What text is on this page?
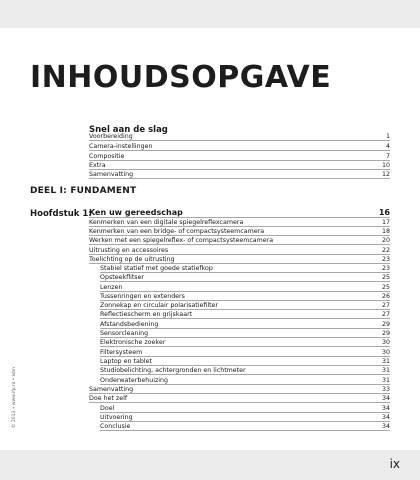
INHOUDSOPGAVE
© 2013 • www.ifp.nl • isbn
Snel aan de slag
Voorbereiding	1
Camera-instellingen	4
Compositie	7
Extra	10
Samenvatting	12
DEEL I: FUNDAMENT
Hoofdstuk 1:
Ken uw gereedschap	16
Kenmerken van een digitale spiegelreflexcamera	17
Kenmerken van een bridge- of compactsysteemcamera	18
Werken met een spiegelreflex- of compactsysteemcamera	20
Uitrusting en accessoires	22
Toelichting op de uitrusting	23
Stabiel statief met goede statiefkop	23
Opsteekflitser	25
Lenzen	25
Tussenringen en extenders	26
Zonnekap en circulair polarisatiefilter	27
Reflectiescherm en grijskaart	27
Afstandsbediening	29
Sensorcleaning	29
Elektronische zoeker	30
Filtersysteem	30
Laptop en tablet	31
Studiobelichting, achtergronden en lichtmeter	31
Onderwaterbehuizing	31
Samenvatting	33
Doe het zelf	34
Doel	34
Uitvoering	34
Conclusie	34
ix
